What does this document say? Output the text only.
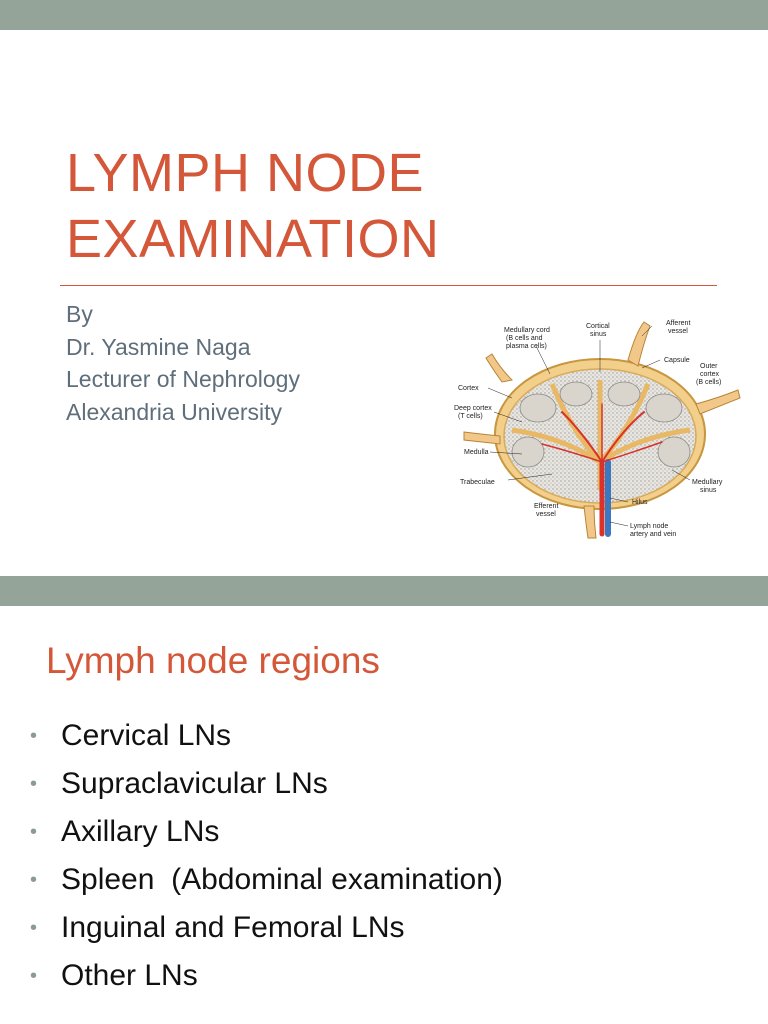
LYMPH NODE
EXAMINATION
By
Dr. Yasmine Naga
Lecturer of Nephrology
Alexandria University
Medullary cord (B cells and plasma cells)
Cortical sinus
Afferent vessel
Capsule
Outer cortex (B cells)
Cortex
Deep cortex (T cells)
Medulla
Trabeculae
Efferent vessel
Hilus
Medullary sinus
Lymph node artery and vein
Lymph node regions
• Cervical LNs
• Supraclavicular LNs
• Axillary LNs
• Spleen  (Abdominal examination)
• Inguinal and Femoral LNs
• Other LNs
